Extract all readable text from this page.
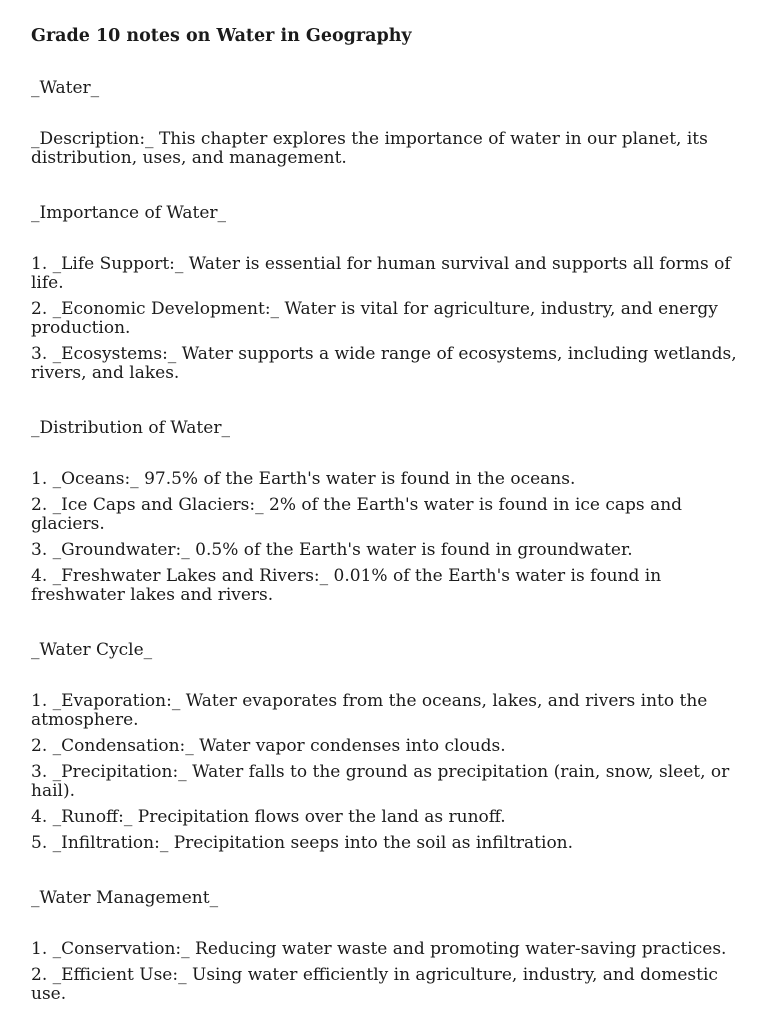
Grade 10 notes on Water in Geography
_Water_
_Description:_ This chapter explores the importance of water in our planet, its distribution, uses, and management.
_Importance of Water_
1. _Life Support:_ Water is essential for human survival and supports all forms of life.
2. _Economic Development:_ Water is vital for agriculture, industry, and energy production.
3. _Ecosystems:_ Water supports a wide range of ecosystems, including wetlands, rivers, and lakes.
_Distribution of Water_
1. _Oceans:_ 97.5% of the Earth's water is found in the oceans.
2. _Ice Caps and Glaciers:_ 2% of the Earth's water is found in ice caps and glaciers.
3. _Groundwater:_ 0.5% of the Earth's water is found in groundwater.
4. _Freshwater Lakes and Rivers:_ 0.01% of the Earth's water is found in freshwater lakes and rivers.
_Water Cycle_
1. _Evaporation:_ Water evaporates from the oceans, lakes, and rivers into the atmosphere.
2. _Condensation:_ Water vapor condenses into clouds.
3. _Precipitation:_ Water falls to the ground as precipitation (rain, snow, sleet, or hail).
4. _Runoff:_ Precipitation flows over the land as runoff.
5. _Infiltration:_ Precipitation seeps into the soil as infiltration.
_Water Management_
1. _Conservation:_ Reducing water waste and promoting water-saving practices.
2. _Efficient Use:_ Using water efficiently in agriculture, industry, and domestic use.
